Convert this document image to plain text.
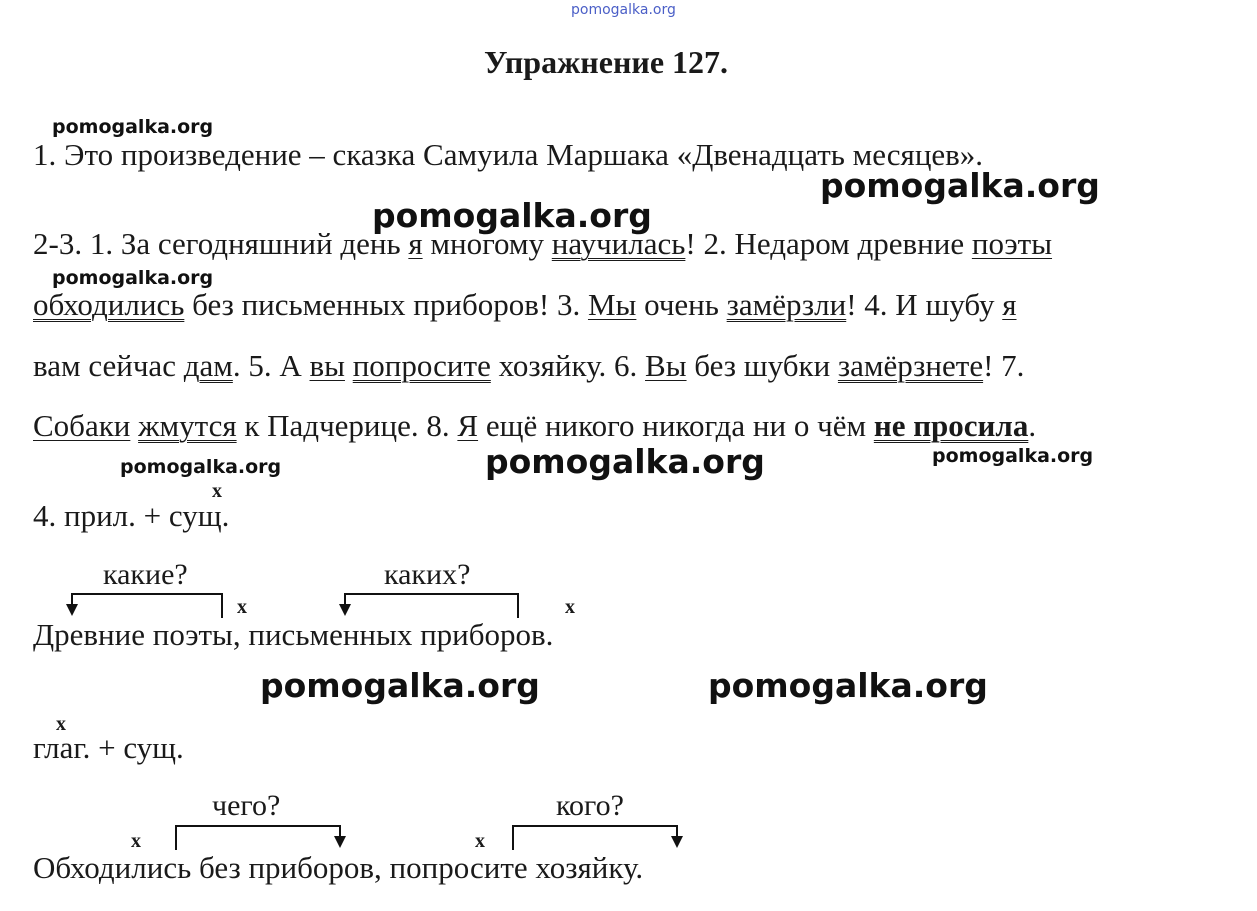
pomogalka.org
Упражнение 127.
pomogalka.org
pomogalka.org
pomogalka.org
pomogalka.org
pomogalka.org	pomogalka.org	pomogalka.org
pomogalka.org	pomogalka.org
1. Это произведение – сказка Самуила Маршака «Двенадцать месяцев».
2-3. 1. За сегодняшний день я многому научилась! 2. Недаром древние поэты
обходились без письменных приборов! 3. Мы очень замёрзли! 4. И шубу я
вам сейчас дам. 5. А вы попросите хозяйку. 6. Вы без шубки замёрзнете! 7.
Собаки жмутся к Падчерице. 8. Я ещё никого никогда ни о чём не просила.
х
4. прил. + сущ.
какие?	каких?
х	х
Древние поэты, письменных приборов.
х
глаг. + сущ.
чего?	кого?
х	х
Обходились без приборов, попросите хозяйку.
